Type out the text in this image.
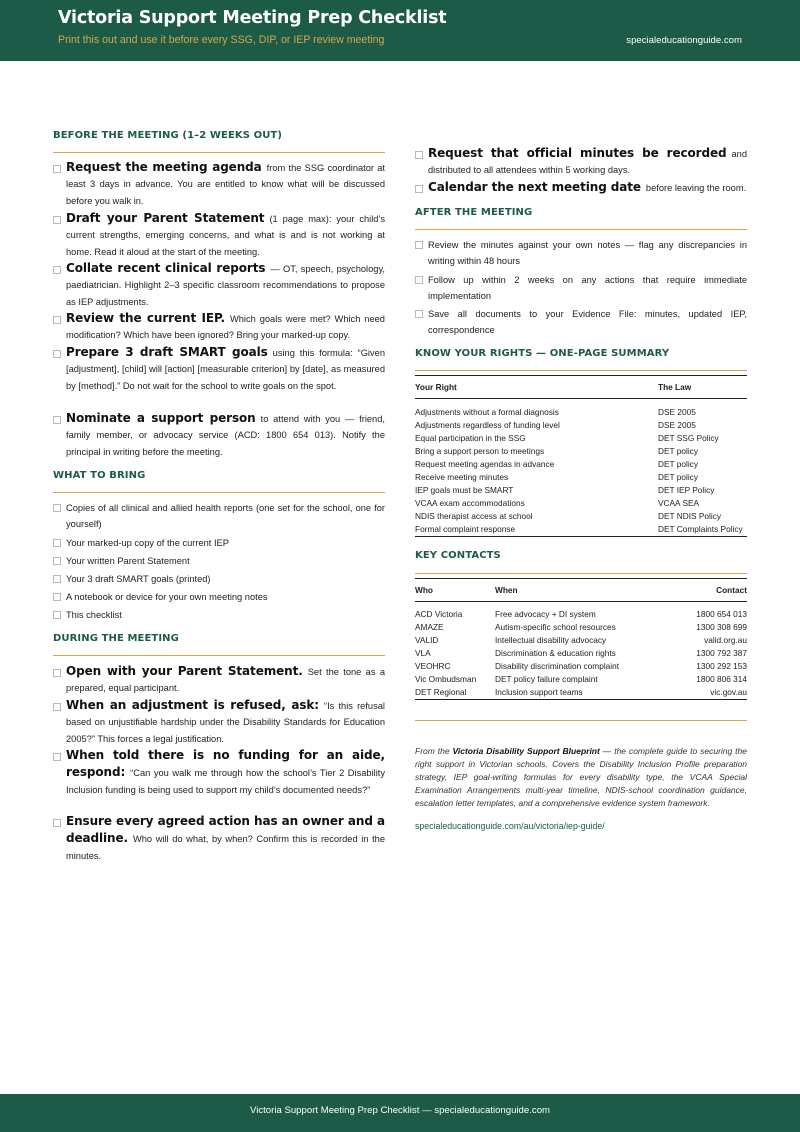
Victoria Support Meeting Prep Checklist
Print this out and use it before every SSG, DIP, or IEP review meeting	specialeducationguide.com
BEFORE THE MEETING (1–2 WEEKS OUT)
Request the meeting agenda from the SSG coordinator at least 3 days in advance. You are entitled to know what will be discussed before you walk in.
Draft your Parent Statement (1 page max): your child’s current strengths, emerging concerns, and what is and is not working at home. Read it aloud at the start of the meeting.
Collate recent clinical reports — OT, speech, psychology, paediatrician. Highlight 2–3 specific classroom recommendations to propose as IEP adjustments.
Review the current IEP. Which goals were met? Which need modification? Which have been ignored? Bring your marked-up copy.
Prepare 3 draft SMART goals using this formula: “Given [adjustment], [child] will [action] [measurable criterion] by [date], as measured by [method].” Do not wait for the school to write goals on the spot.
Nominate a support person to attend with you — friend, family member, or advocacy service (ACD: 1800 654 013). Notify the principal in writing before the meeting.
WHAT TO BRING
Copies of all clinical and allied health reports (one set for the school, one for yourself)
Your marked-up copy of the current IEP
Your written Parent Statement
Your 3 draft SMART goals (printed)
A notebook or device for your own meeting notes
This checklist
DURING THE MEETING
Open with your Parent Statement. Set the tone as a prepared, equal participant.
When an adjustment is refused, ask: “Is this refusal based on unjustifiable hardship under the Disability Standards for Education 2005?” This forces a legal justification.
When told there is no funding for an aide, respond: “Can you walk me through how the school’s Tier 2 Disability Inclusion funding is being used to support my child’s documented needs?”
Ensure every agreed action has an owner and a deadline. Who will do what, by when? Confirm this is recorded in the minutes.
Request that official minutes be recorded and distributed to all attendees within 5 working days.
Calendar the next meeting date before leaving the room.
AFTER THE MEETING
Review the minutes against your own notes — flag any discrepancies in writing within 48 hours
Follow up within 2 weeks on any actions that require immediate implementation
Save all documents to your Evidence File: minutes, updated IEP, correspondence
KNOW YOUR RIGHTS — ONE-PAGE SUMMARY
Your Right	The Law

Adjustments without a formal diagnosis	DSE 2005
Adjustments regardless of funding level	DSE 2005
Equal participation in the SSG	DET SSG Policy
Bring a support person to meetings	DET policy
Request meeting agendas in advance	DET policy
Receive meeting minutes	DET policy
IEP goals must be SMART	DET IEP Policy
VCAA exam accommodations	VCAA SEA
NDIS therapist access at school	DET NDIS Policy
Formal complaint response	DET Complaints Policy
KEY CONTACTS
Who	When	Contact

ACD Victoria	Free advocacy + DI system	1800 654 013
AMAZE	Autism-specific school resources	1300 308 699
VALID	Intellectual disability advocacy	valid.org.au
VLA	Discrimination & education rights	1300 792 387
VEOHRC	Disability discrimination complaint	1300 292 153
Vic Ombudsman	DET policy failure complaint	1800 806 314
DET Regional	Inclusion support teams	vic.gov.au
From the Victoria Disability Support Blueprint — the complete guide to securing the right support in Victorian schools. Covers the Disability Inclusion Profile preparation strategy, IEP goal-writing formulas for every disability type, the VCAA Special Examination Arrangements multi-year timeline, NDIS-school coordination guidance, escalation letter templates, and a comprehensive evidence system framework.
specialeducationguide.com/au/victoria/iep-guide/
Victoria Support Meeting Prep Checklist — specialeducationguide.com
